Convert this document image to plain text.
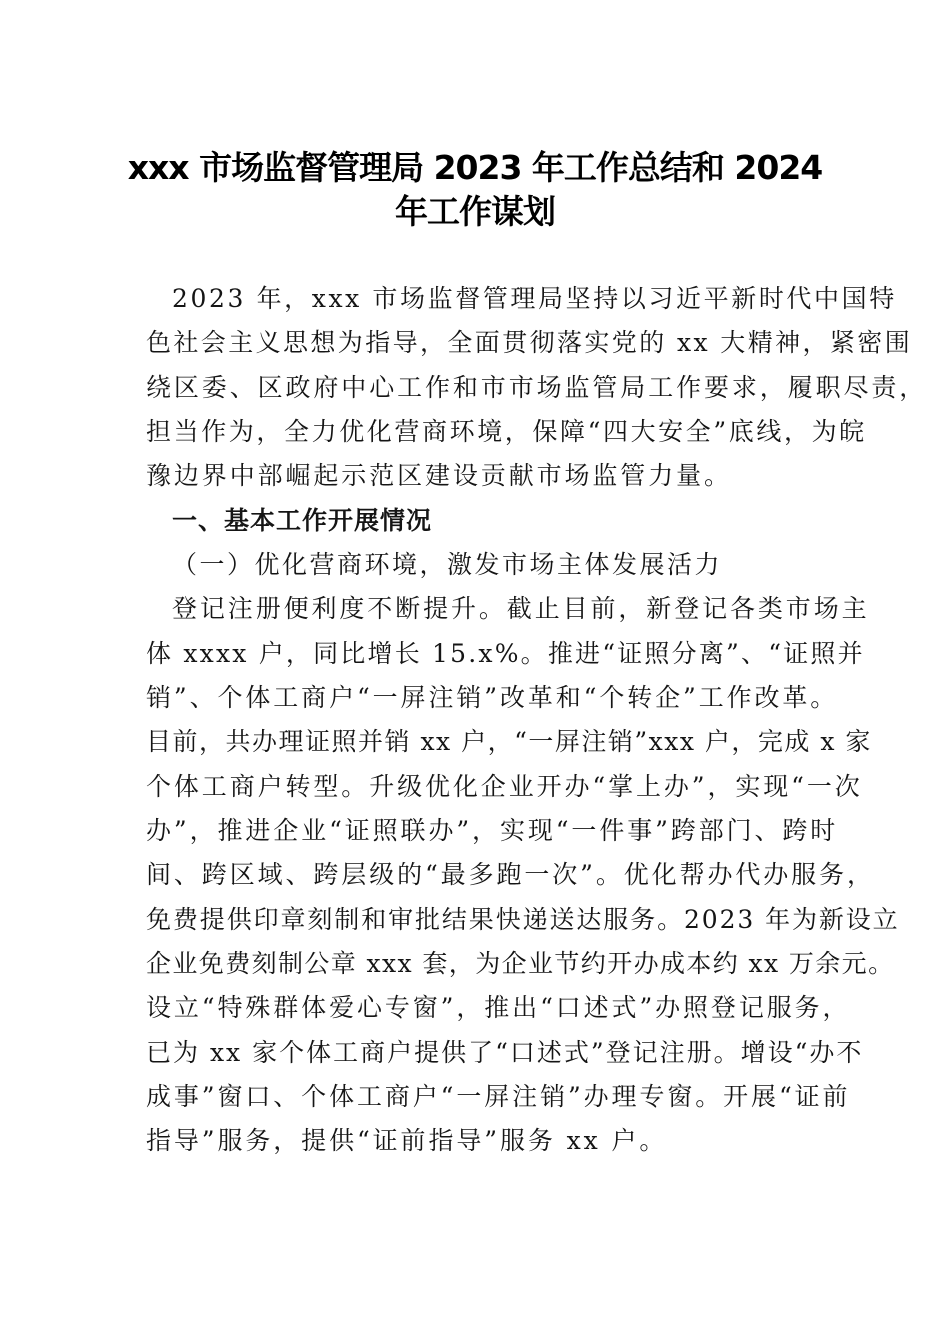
xxx 市场监督管理局 2023 年工作总结和 2024
年工作谋划
2023 年，xxx 市场监督管理局坚持以习近平新时代中国特
色社会主义思想为指导，全面贯彻落实党的 xx 大精神，紧密围
绕区委、区政府中心工作和市市场监管局工作要求，履职尽责，
担当作为，全力优化营商环境，保障“四大安全”底线，为皖
豫边界中部崛起示范区建设贡献市场监管力量。
一、基本工作开展情况
（一）优化营商环境，激发市场主体发展活力
登记注册便利度不断提升。截止目前，新登记各类市场主
体 xxxx 户，同比增长 15.x%。推进“证照分离”、“证照并
销”、个体工商户“一屏注销”改革和“个转企”工作改革。
目前，共办理证照并销 xx 户，“一屏注销”xxx 户，完成 x 家
个体工商户转型。升级优化企业开办“掌上办”，实现“一次
办”，推进企业“证照联办”，实现“一件事”跨部门、跨时
间、跨区域、跨层级的“最多跑一次”。优化帮办代办服务，
免费提供印章刻制和审批结果快递送达服务。2023 年为新设立
企业免费刻制公章 xxx 套，为企业节约开办成本约 xx 万余元。
设立“特殊群体爱心专窗”，推出“口述式”办照登记服务，
已为 xx 家个体工商户提供了“口述式”登记注册。增设“办不
成事”窗口、个体工商户“一屏注销”办理专窗。开展“证前
指导”服务，提供“证前指导”服务 xx 户。
